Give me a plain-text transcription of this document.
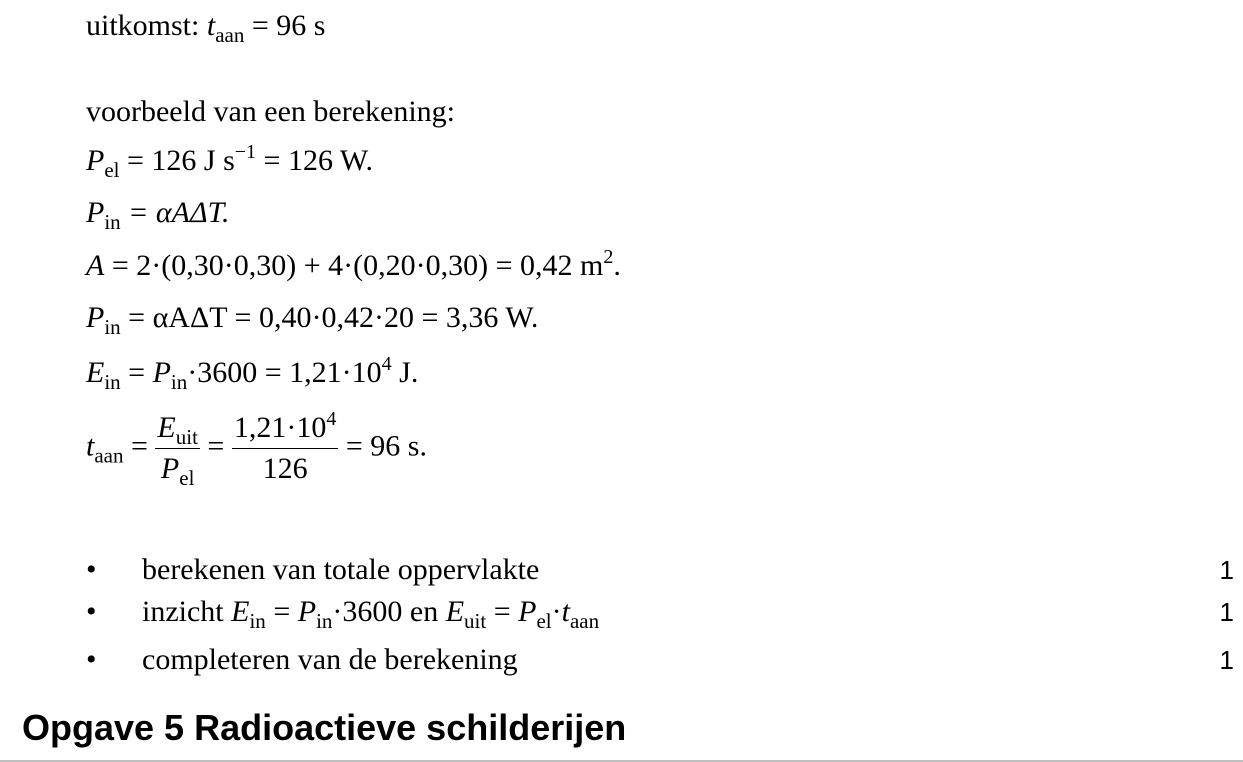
uitkomst: $t_{aan} = 96$ s
voorbeeld van een berekening:
$P_{el} = 126$ J $s^{-1} = 126$ W.
$P_{in} = \alpha A\Delta T$.
A = 2·(0,30·0,30) + 4·(0,20·0,30) = 0,42 $m^2$.
$P_{in} = \alpha A\Delta T = 0,40\cdot 0,42\cdot 20 = 3,36$ W.
$E_{in} = P_{in}\cdot 3600 = 1,21\cdot 10^4$ J.
$t_{aan} = \frac{E_{uit}}{P_{el}} = \frac{1,21\cdot 10^4}{126} = 96$ s.
• berekenen van totale oppervlakte	1
• inzicht $E_{in} = P_{in}\cdot 3600$ en $E_{uit} = P_{el}\cdot t_{aan}$	1
• completeren van de berekening	1
Opgave 5 Radioactieve schilderijen
